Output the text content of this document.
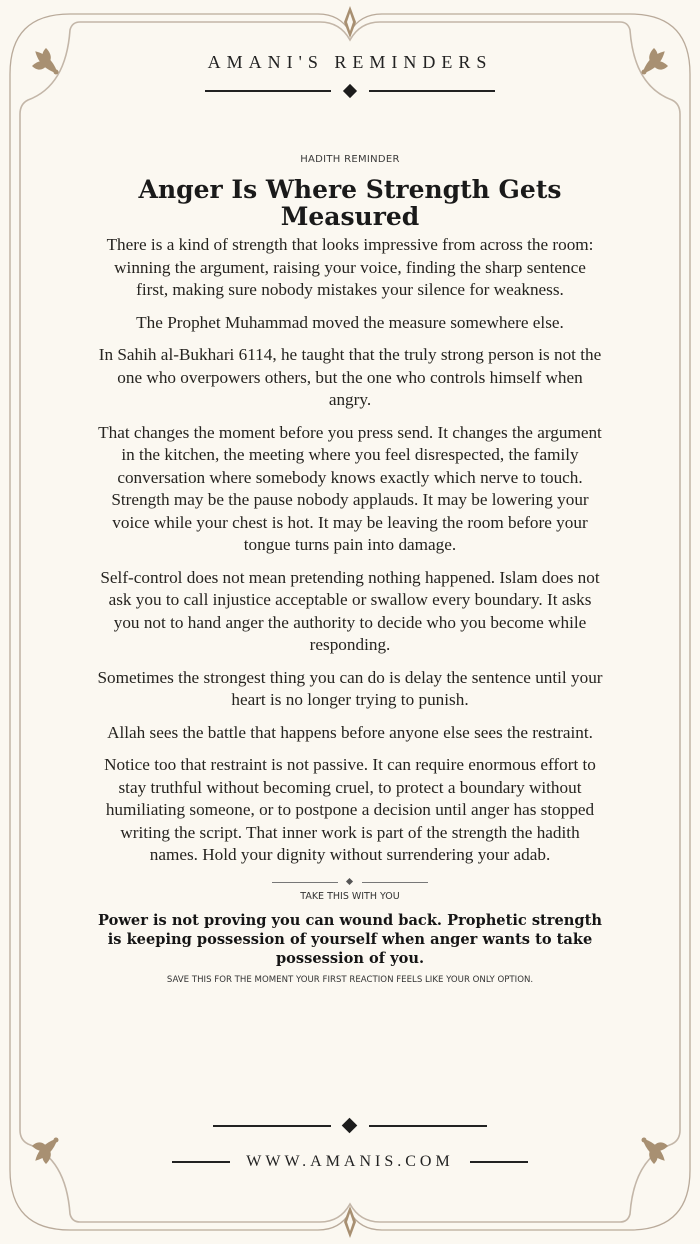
AMANI'S REMINDERS
HADITH REMINDER
Anger Is Where Strength Gets Measured

There is a kind of strength that looks impressive from across the room: winning the argument, raising your voice, finding the sharp sentence first, making sure nobody mistakes your silence for weakness.

The Prophet Muhammad moved the measure somewhere else.

In Sahih al-Bukhari 6114, he taught that the truly strong person is not the one who overpowers others, but the one who controls himself when angry.

That changes the moment before you press send. It changes the argument in the kitchen, the meeting where you feel disrespected, the family conversation where somebody knows exactly which nerve to touch. Strength may be the pause nobody applauds. It may be lowering your voice while your chest is hot. It may be leaving the room before your tongue turns pain into damage.

Self-control does not mean pretending nothing happened. Islam does not ask you to call injustice acceptable or swallow every boundary. It asks you not to hand anger the authority to decide who you become while responding.

Sometimes the strongest thing you can do is delay the sentence until your heart is no longer trying to punish.

Allah sees the battle that happens before anyone else sees the restraint.

Notice too that restraint is not passive. It can require enormous effort to stay truthful without becoming cruel, to protect a boundary without humiliating someone, or to postpone a decision until anger has stopped writing the script. That inner work is part of the strength the hadith names. Hold your dignity without surrendering your adab.

TAKE THIS WITH YOU
Power is not proving you can wound back. Prophetic strength is keeping possession of yourself when anger wants to take possession of you.
SAVE THIS FOR THE MOMENT YOUR FIRST REACTION FEELS LIKE YOUR ONLY OPTION.
WWW.AMANIS.COM
